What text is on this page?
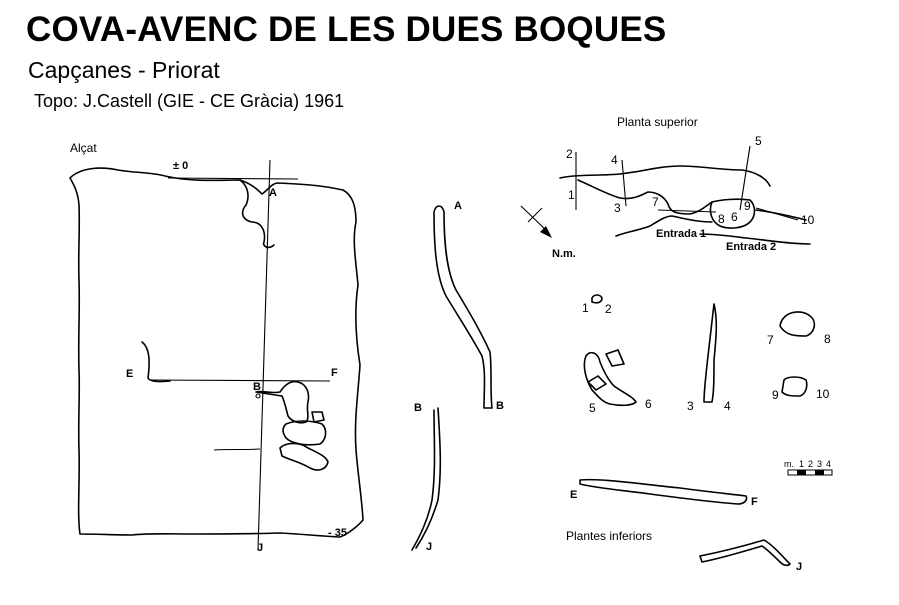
COVA-AVENC DE LES DUES BOQUES
Capçanes - Priorat
Topo: J.Castell (GIE - CE Gràcia) 1961
Alçat
± 0
A
E	F
B
J
- 35
A
B
B
J
Planta superior
2
1
4
3	7
8 6
9
5
10
Entrada 1
Entrada 2
N.m.
1 2
5	6	3	4
7	8
9	10
E
F
Plantes inferiors
J
m. 1 2 3 4
